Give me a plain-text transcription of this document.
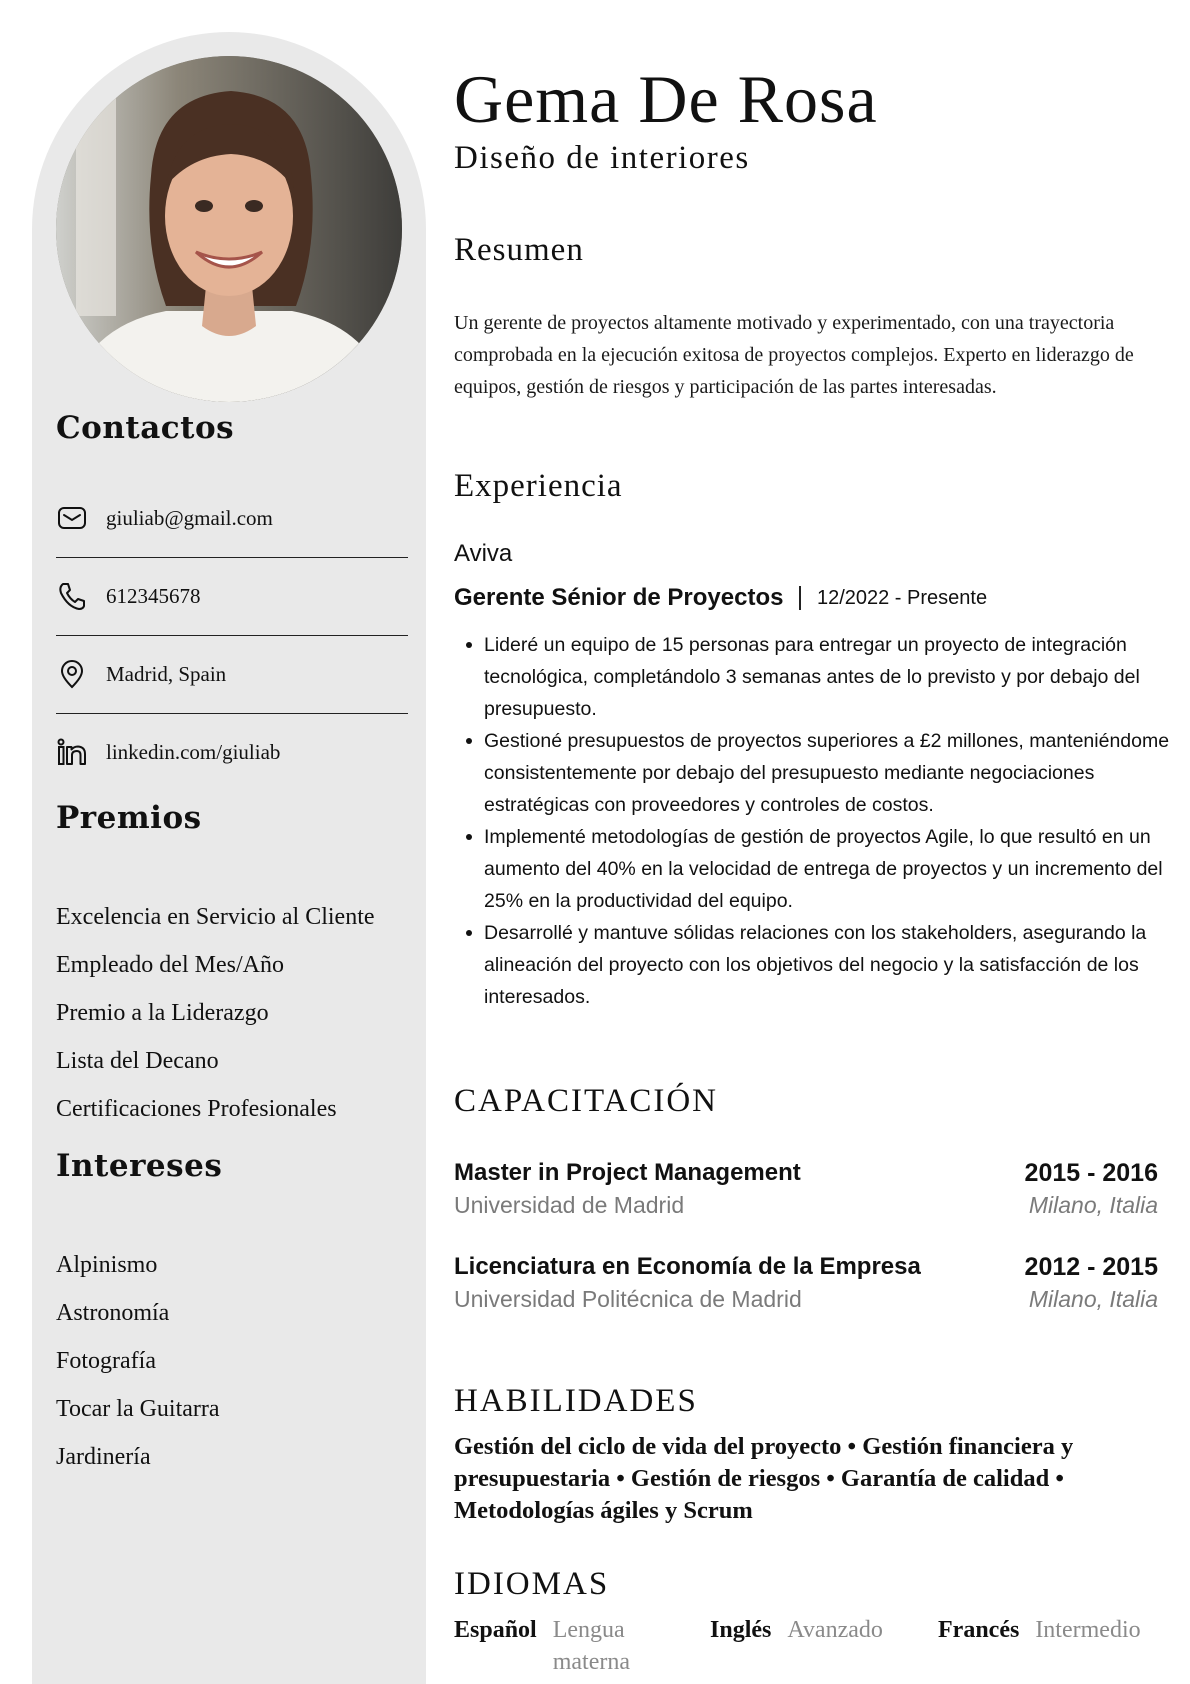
Contactos
giuliab@gmail.com
612345678
Madrid, Spain
linkedin.com/giuliab
Premios
Excelencia en Servicio al Cliente
Empleado del Mes/Año
Premio a la Liderazgo
Lista del Decano
Certificaciones Profesionales
Intereses
Alpinismo
Astronomía
Fotografía
Tocar la Guitarra
Jardinería
Gema De Rosa
Diseño de interiores
Resumen

Un gerente de proyectos altamente motivado y experimentado, con una trayectoria comprobada en la ejecución exitosa de proyectos complejos. Experto en liderazgo de equipos, gestión de riesgos y participación de las partes interesadas.

Experiencia
Aviva
Gerente Sénior de Proyectos 12/2022 - Presente
Lideré un equipo de 15 personas para entregar un proyecto de integración tecnológica, completándolo 3 semanas antes de lo previsto y por debajo del presupuesto.
Gestioné presupuestos de proyectos superiores a £2 millones, manteniéndome consistentemente por debajo del presupuesto mediante negociaciones estratégicas con proveedores y controles de costos.
Implementé metodologías de gestión de proyectos Agile, lo que resultó en un aumento del 40% en la velocidad de entrega de proyectos y un incremento del 25% en la productividad del equipo.
Desarrollé y mantuve sólidas relaciones con los stakeholders, asegurando la alineación del proyecto con los objetivos del negocio y la satisfacción de los interesados.
CAPACITACIÓN
Master in Project Management	2015 - 2016
Universidad de Madrid	Milano, Italia
Licenciatura en Economía de la Empresa	2012 - 2015
Universidad Politécnica de Madrid	Milano, Italia
HABILIDADES

Gestión del ciclo de vida del proyecto • Gestión financiera y presupuestaria • Gestión de riesgos • Garantía de calidad • Metodologías ágiles y Scrum

IDIOMAS
Español Lengua materna
Inglés Avanzado Francés Intermedio
